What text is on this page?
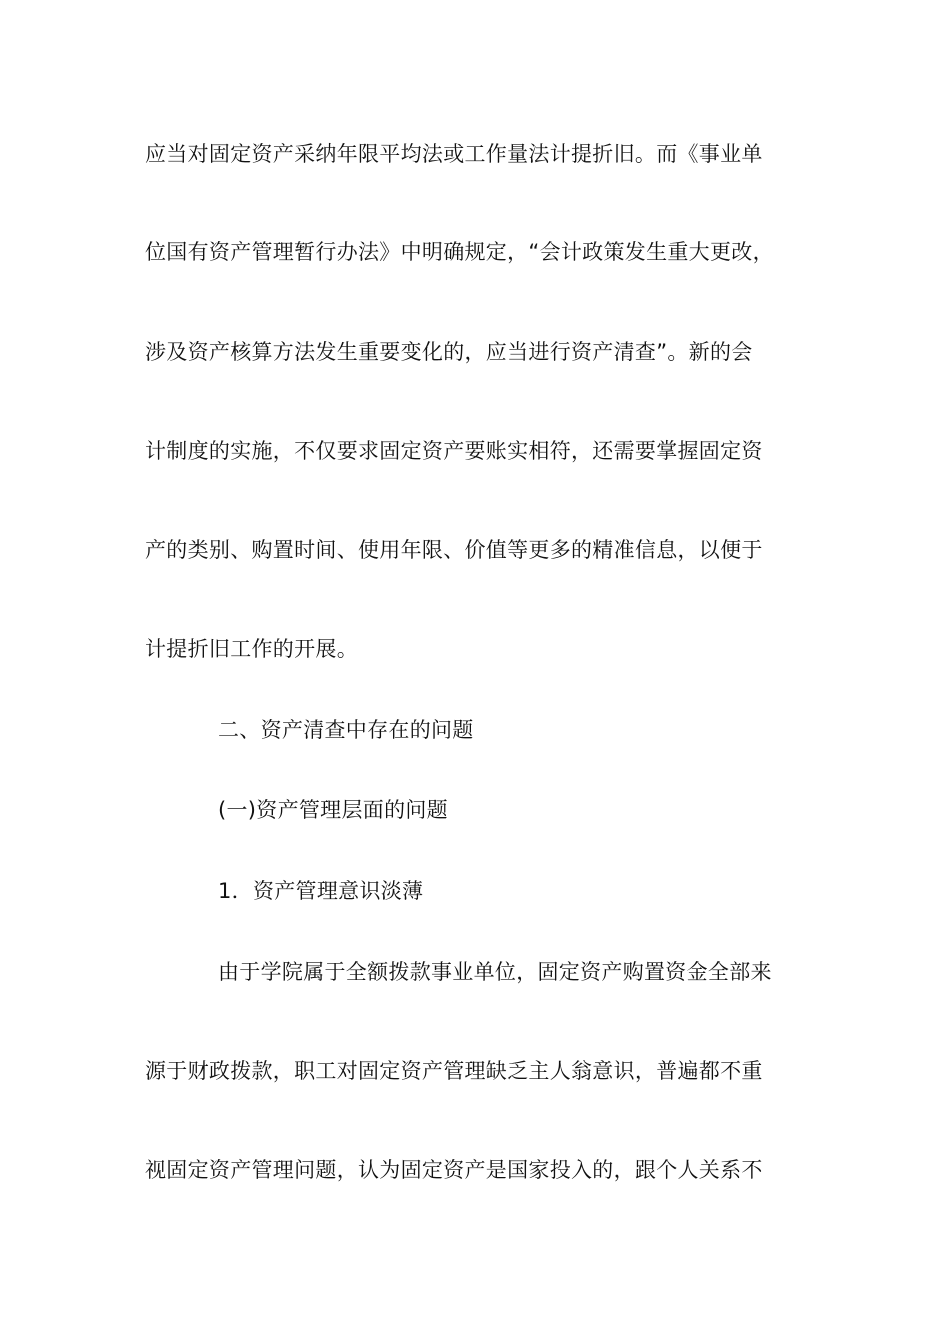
应当对固定资产采纳年限平均法或工作量法计提折旧。而《事业单
位国有资产管理暂行办法》中明确规定，“会计政策发生重大更改，
涉及资产核算方法发生重要变化的，应当进行资产清查”。新的会
计制度的实施，不仅要求固定资产要账实相符，还需要掌握固定资
产的类别、购置时间、使用年限、价值等更多的精准信息，以便于
计提折旧工作的开展。
二、资产清查中存在的问题
(一)资产管理层面的问题
1．资产管理意识淡薄
由于学院属于全额拨款事业单位，固定资产购置资金全部来
源于财政拨款，职工对固定资产管理缺乏主人翁意识，普遍都不重
视固定资产管理问题，认为固定资产是国家投入的，跟个人关系不
